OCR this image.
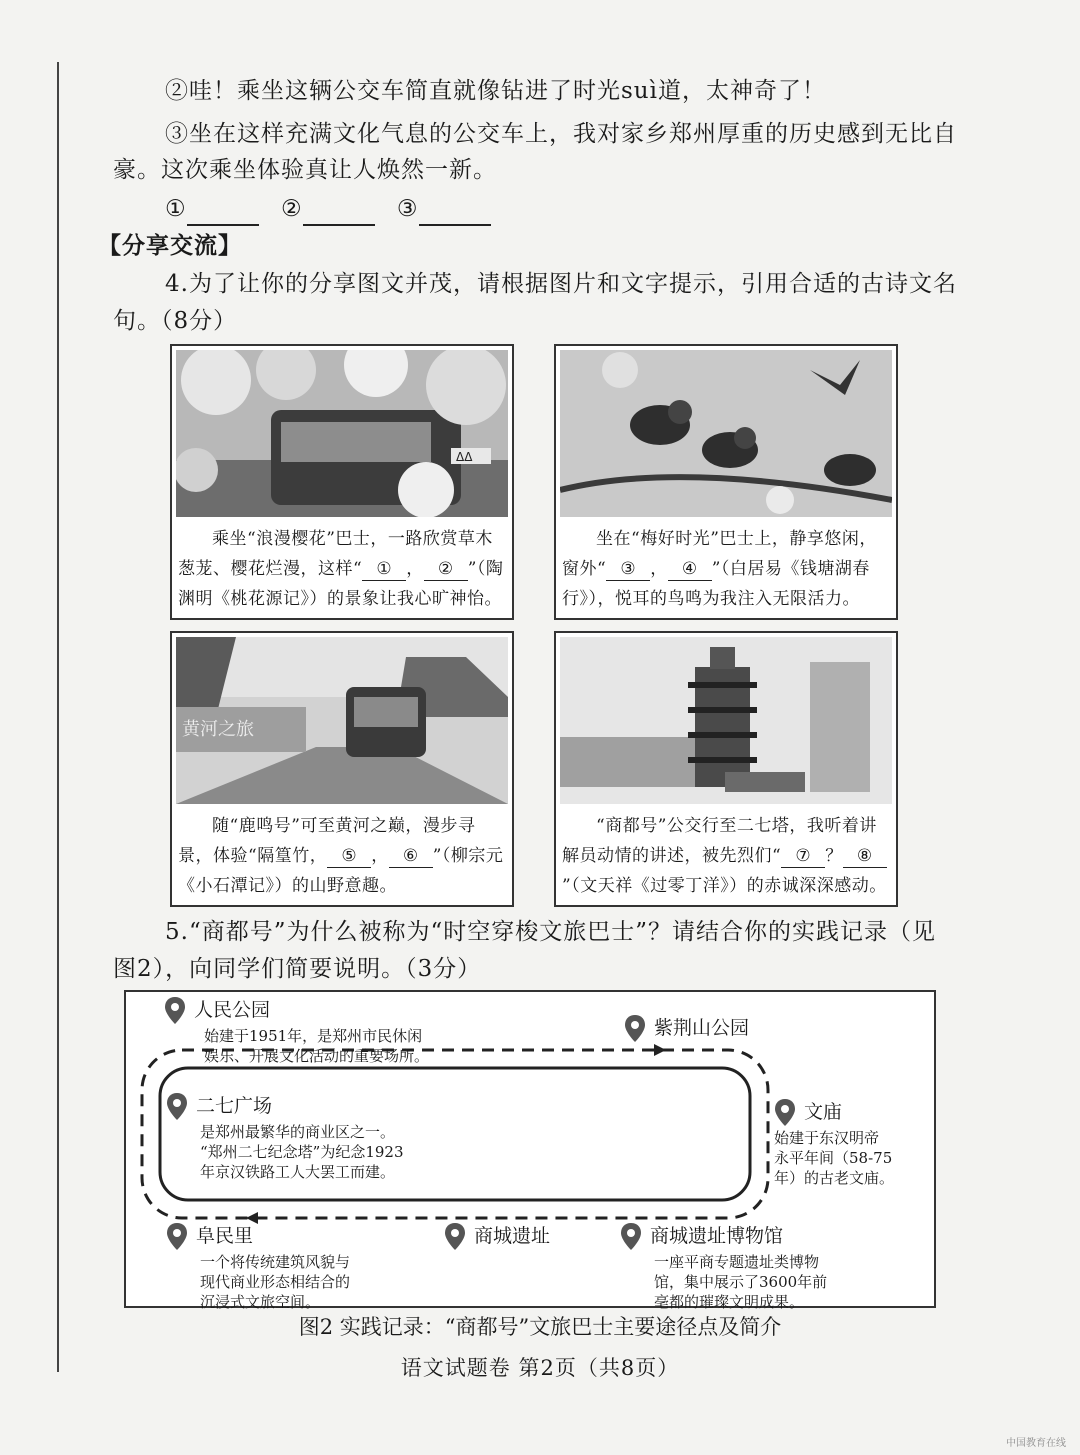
②哇！乘坐这辆公交车简直就像钻进了时光suì道，太神奇了！
③坐在这样充满文化气息的公交车上，我对家乡郑州厚重的历史感到无比自
豪。这次乘坐体验真让人焕然一新。
①	②	③
【分享交流】
4.为了让你的分享图文并茂，请根据图片和文字提示，引用合适的古诗文名
句。（8分）
ΔΔ
乘坐“浪漫樱花”巴士，一路欣赏草木葱茏、樱花烂漫，这样“ ① ， ② ”（陶渊明《桃花源记》）的景象让我心旷神怡。
坐在“梅好时光”巴士上，静享悠闲，窗外“ ③ ， ④ ”（白居易《钱塘湖春行》），悦耳的鸟鸣为我注入无限活力。
黄河之旅
随“鹿鸣号”可至黄河之巅，漫步寻景，体验“隔篁竹， ⑤ ， ⑥ ”（柳宗元《小石潭记》）的山野意趣。
“商都号”公交行至二七塔，我听着讲解员动情的讲述，被先烈们“ ⑦ ？ ⑧”（文天祥《过零丁洋》）的赤诚深深感动。
5.“商都号”为什么被称为“时空穿梭文旅巴士”？请结合你的实践记录（见
图2），向同学们简要说明。（3分）
人民公园
始建于1951年，是郑州市民休闲
娱乐、开展文化活动的重要场所。
紫荆山公园
二七广场
是郑州最繁华的商业区之一。
“郑州二七纪念塔”为纪念1923
年京汉铁路工人大罢工而建。
文庙
始建于东汉明帝
永平年间（58-75
年）的古老文庙。
阜民里
一个将传统建筑风貌与
现代商业形态相结合的
沉浸式文旅空间。
商城遗址	商城遗址博物馆
一座平商专题遗址类博物
馆，集中展示了3600年前
亳都的璀璨文明成果。
图2 实践记录：“商都号”文旅巴士主要途径点及简介
语文试题卷 第2页（共8页）
中国教育在线
